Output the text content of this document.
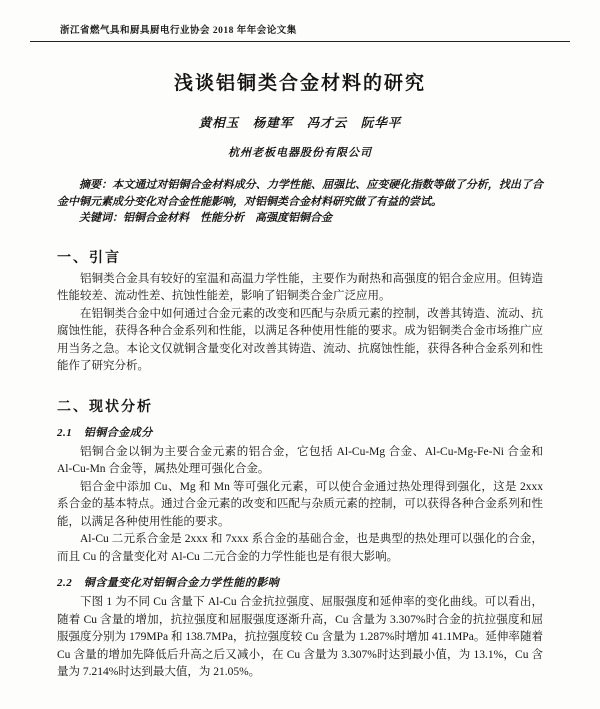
浙江省燃气具和厨具厨电行业协会 2018 年年会论文集
浅谈铝铜类合金材料的研究
黄相玉　杨建军　冯才云　阮华平
杭州老板电器股份有限公司

摘要：本文通过对铝铜合金材料成分、力学性能、屈强比、应变硬化指数等做了分析，找出了合金中铜元素成分变化对合金性能影响，对铝铜类合金材料研究做了有益的尝试。

关键词：铝铜合金材料　性能分析　高强度铝铜合金

一、引言

铝铜类合金具有较好的室温和高温力学性能，主要作为耐热和高强度的铝合金应用。但铸造性能较差、流动性差、抗蚀性能差，影响了铝铜类合金广泛应用。

在铝铜类合金中如何通过合金元素的改变和匹配与杂质元素的控制，改善其铸造、流动、抗腐蚀性能，获得各种合金系列和性能，以满足各种使用性能的要求。成为铝铜类合金市场推广应用当务之急。本论文仅就铜含量变化对改善其铸造、流动、抗腐蚀性能，获得各种合金系列和性能作了研究分析。

二、现状分析
2.1　铝铜合金成分

铝铜合金以铜为主要合金元素的铝合金，它包括 Al-Cu-Mg 合金、Al-Cu-Mg-Fe-Ni 合金和 Al-Cu-Mn 合金等，属热处理可强化合金。

铝合金中添加 Cu、Mg 和 Mn 等可强化元素，可以使合金通过热处理得到强化，这是 2xxx 系合金的基本特点。通过合金元素的改变和匹配与杂质元素的控制，可以获得各种合金系列和性能，以满足各种使用性能的要求。

Al-Cu 二元系合金是 2xxx 和 7xxx 系合金的基础合金，也是典型的热处理可以强化的合金，而且 Cu 的含量变化对 Al-Cu 二元合金的力学性能也是有很大影响。

2.2　铜含量变化对铝铜合金力学性能的影响

下图 1 为不同 Cu 含量下 Al-Cu 合金抗拉强度、屈服强度和延伸率的变化曲线。可以看出，随着 Cu 含量的增加，抗拉强度和屈服强度逐渐升高，Cu 含量为 3.307%时合金的抗拉强度和屈服强度分别为 179MPa 和 138.7MPa，抗拉强度较 Cu 含量为 1.287%时增加 41.1MPa。延伸率随着 Cu 含量的增加先降低后升高之后又减小，在 Cu 含量为 3.307%时达到最小值，为 13.1%，Cu 含量为 7.214%时达到最大值，为 21.05%。
